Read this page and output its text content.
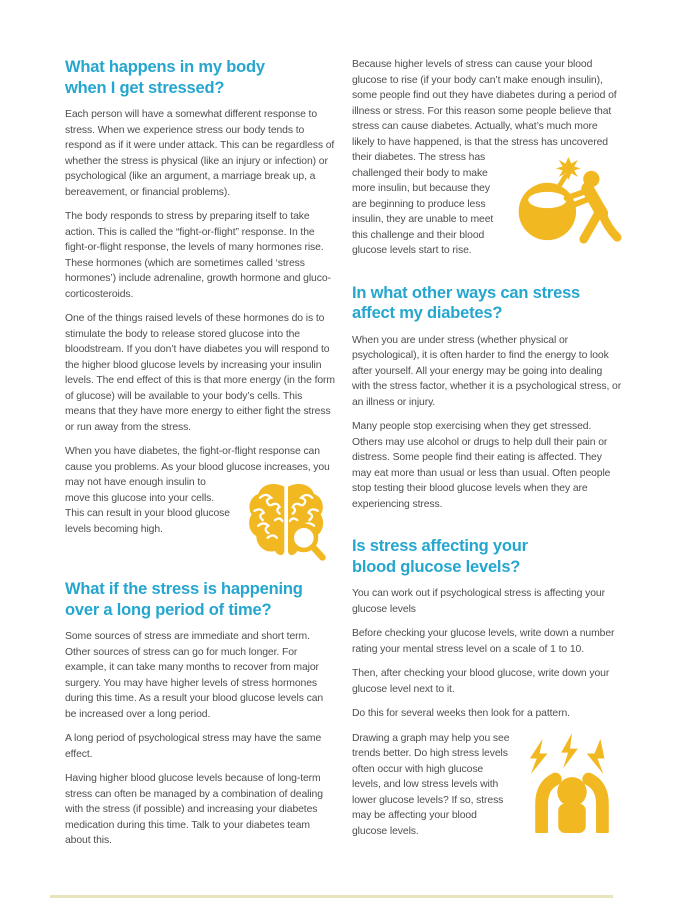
What happens in my body
when I get stressed?

Each person will have a somewhat different response to stress. When we experience stress our body tends to respond as if it were under attack. This can be regardless of whether the stress is physical (like an injury or infection) or psychological (like an argument, a marriage break up, a bereavement, or financial problems).

The body responds to stress by preparing itself to take action. This is called the “fight-or-flight” response. In the fight-or-flight response, the levels of many hormones rise. These hormones (which are sometimes called ‘stress hormones’) include adrenaline, growth hormone and gluco-corticosteroids.

One of the things raised levels of these hormones do is to stimulate the body to release stored glucose into the bloodstream. If you don’t have diabetes you will respond to the higher blood glucose levels by increasing your insulin levels. The end effect of this is that more energy (in the form of glucose) will be available to your body’s cells. This means that they have more energy to either fight the stress or run away from the stress.

When you have diabetes, the fight-or-flight response can cause you problems. As your blood glucose
increases, you may not have enough insulin to move this glucose into your cells. This can result in your blood glucose levels becoming high.

What if the stress is happening
over a long period of time?

Some sources of stress are immediate and short term. Other sources of stress can go for much longer. For example, it can take many months to recover from major surgery. You may have higher levels of stress hormones during this time. As a result your blood glucose levels can be increased over a long period.

A long period of psychological stress may have the same effect.

Having higher blood glucose levels because of long-term stress can often be managed by a combination of dealing with the stress (if possible) and increasing your diabetes medication during this time. Talk to your diabetes team about this.

Because higher levels of stress can cause your blood glucose to rise (if your body can’t make enough insulin), some people find out they have diabetes during a period of illness or stress. For this reason some people believe that stress can cause diabetes. Actually, what’s much more likely to have happened, is that the stress has uncovered their diabetes. The stress has
challenged their body to make more insulin, but because they are beginning to produce less insulin, they are unable to meet this challenge and their blood glucose levels start to rise.

In what other ways can stress
affect my diabetes?

When you are under stress (whether physical or psychological), it is often harder to find the energy to look after yourself. All your energy may be going into dealing with the stress factor, whether it is a psychological stress, or an illness or injury.

Many people stop exercising when they get stressed. Others may use alcohol or drugs to help dull their pain or distress. Some people find their eating is affected. They may eat more than usual or less than usual. Often people stop testing their blood glucose levels when they are experiencing stress.

Is stress affecting your
blood glucose levels?

You can work out if psychological stress is affecting your glucose levels

Before checking your glucose levels, write down a number rating your mental stress level on a scale of 1 to 10.

Then, after checking your blood glucose, write down your glucose level next to it.

Do this for several weeks then look for a pattern.

Drawing a graph may help you see trends better. Do high stress levels often occur with high glucose levels, and low stress levels with lower glucose levels? If so, stress may be affecting your blood glucose levels.
